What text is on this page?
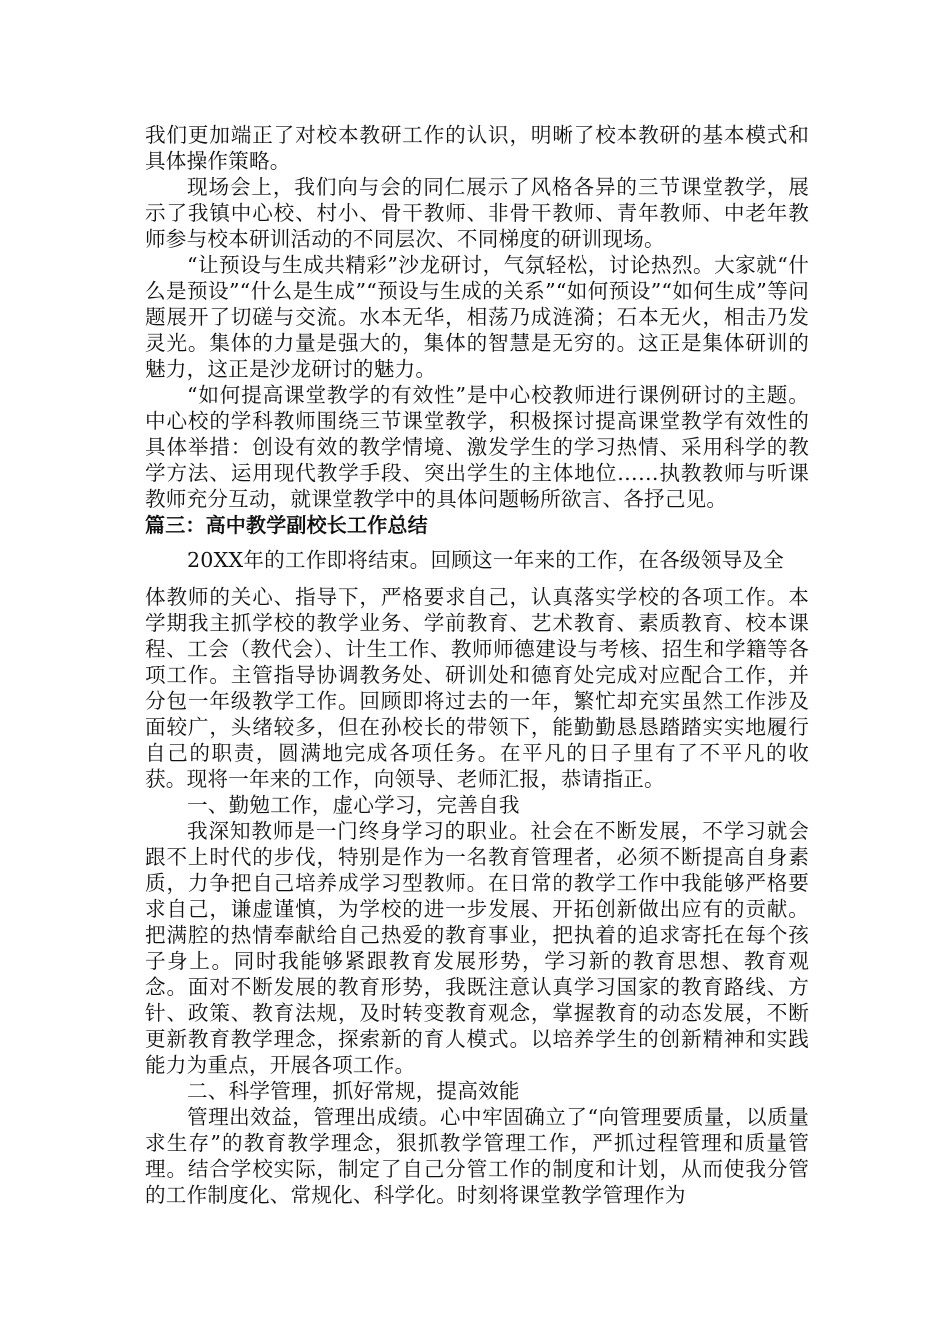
我们更加端正了对校本教研工作的认识，明晰了校本教研的基本模式和具体操作策略。

现场会上，我们向与会的同仁展示了风格各异的三节课堂教学，展示了我镇中心校、村小、骨干教师、非骨干教师、青年教师、中老年教师参与校本研训活动的不同层次、不同梯度的研训现场。

“让预设与生成共精彩”沙龙研讨，气氛轻松，讨论热烈。大家就“什么是预设”“什么是生成”“预设与生成的关系”“如何预设”“如何生成”等问题展开了切磋与交流。水本无华，相荡乃成涟漪；石本无火，相击乃发灵光。集体的力量是强大的，集体的智慧是无穷的。这正是集体研训的魅力，这正是沙龙研讨的魅力。

“如何提高课堂教学的有效性”是中心校教师进行课例研讨的主题。中心校的学科教师围绕三节课堂教学，积极探讨提高课堂教学有效性的具体举措：创设有效的教学情境、激发学生的学习热情、采用科学的教学方法、运用现代教学手段、突出学生的主体地位……执教教师与听课教师充分互动，就课堂教学中的具体问题畅所欲言、各抒己见。

篇三：高中教学副校长工作总结

20XX年的工作即将结束。回顾这一年来的工作，在各级领导及全

体教师的关心、指导下，严格要求自己，认真落实学校的各项工作。本学期我主抓学校的教学业务、学前教育、艺术教育、素质教育、校本课程、工会（教代会）、计生工作、教师师德建设与考核、招生和学籍等各项工作。主管指导协调教务处、研训处和德育处完成对应配合工作，并分包一年级教学工作。回顾即将过去的一年，繁忙却充实虽然工作涉及面较广，头绪较多，但在孙校长的带领下，能勤勤恳恳踏踏实实地履行自己的职责，圆满地完成各项任务。在平凡的日子里有了不平凡的收获。现将一年来的工作，向领导、老师汇报，恭请指正。

一、勤勉工作，虚心学习，完善自我

我深知教师是一门终身学习的职业。社会在不断发展，不学习就会跟不上时代的步伐，特别是作为一名教育管理者，必须不断提高自身素质，力争把自己培养成学习型教师。在日常的教学工作中我能够严格要求自己，谦虚谨慎，为学校的进一步发展、开拓创新做出应有的贡献。把满腔的热情奉献给自己热爱的教育事业，把执着的追求寄托在每个孩子身上。同时我能够紧跟教育发展形势，学习新的教育思想、教育观念。面对不断发展的教育形势，我既注意认真学习国家的教育路线、方针、政策、教育法规，及时转变教育观念，掌握教育的动态发展，不断更新教育教学理念，探索新的育人模式。以培养学生的创新精神和实践能力为重点，开展各项工作。

二、科学管理，抓好常规，提高效能

管理出效益，管理出成绩。心中牢固确立了“向管理要质量，以质量求生存”的教育教学理念，狠抓教学管理工作，严抓过程管理和质量管理。结合学校实际，制定了自己分管工作的制度和计划，从而使我分管的工作制度化、常规化、科学化。时刻将课堂教学管理作为
